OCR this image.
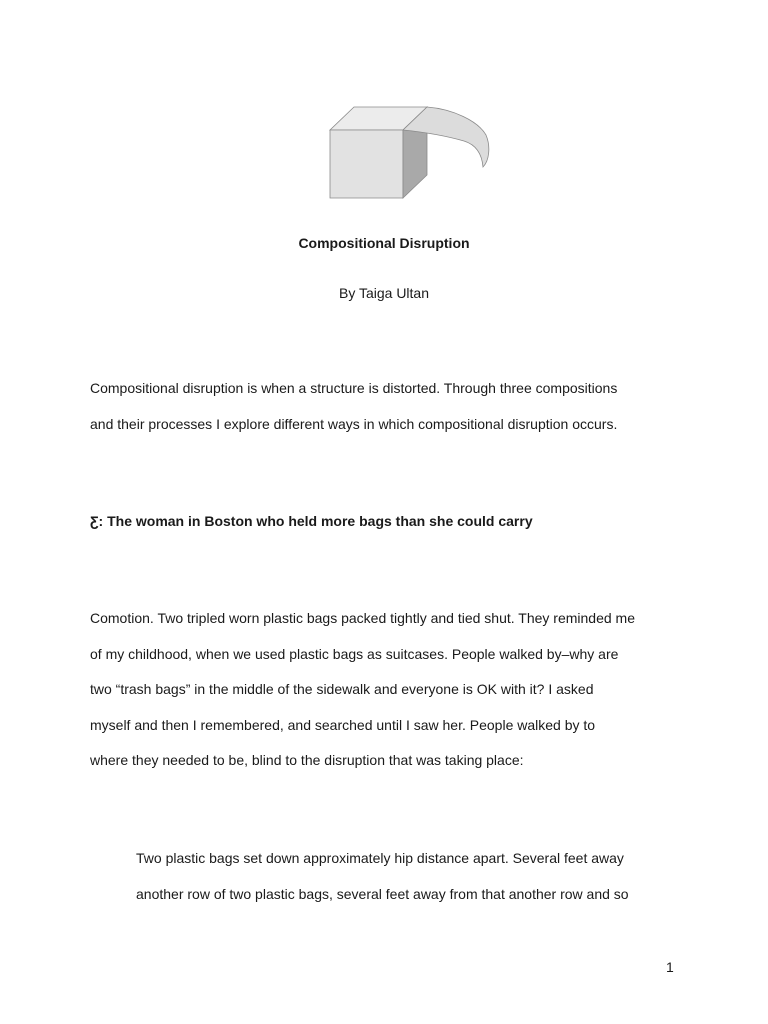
Compositional Disruption
By Taiga Ultan
Compositional disruption is when a structure is distorted. Through three compositions
and their processes I explore different ways in which compositional disruption occurs.
Ƹ: The woman in Boston who held more bags than she could carry
Comotion. Two tripled worn plastic bags packed tightly and tied shut. They reminded me
of my childhood, when we used plastic bags as suitcases. People walked by–why are
two “trash bags” in the middle of the sidewalk and everyone is OK with it? I asked
myself and then I remembered, and searched until I saw her. People walked by to
where they needed to be, blind to the disruption that was taking place:
Two plastic bags set down approximately hip distance apart. Several feet away
another row of two plastic bags, several feet away from that another row and so
1
